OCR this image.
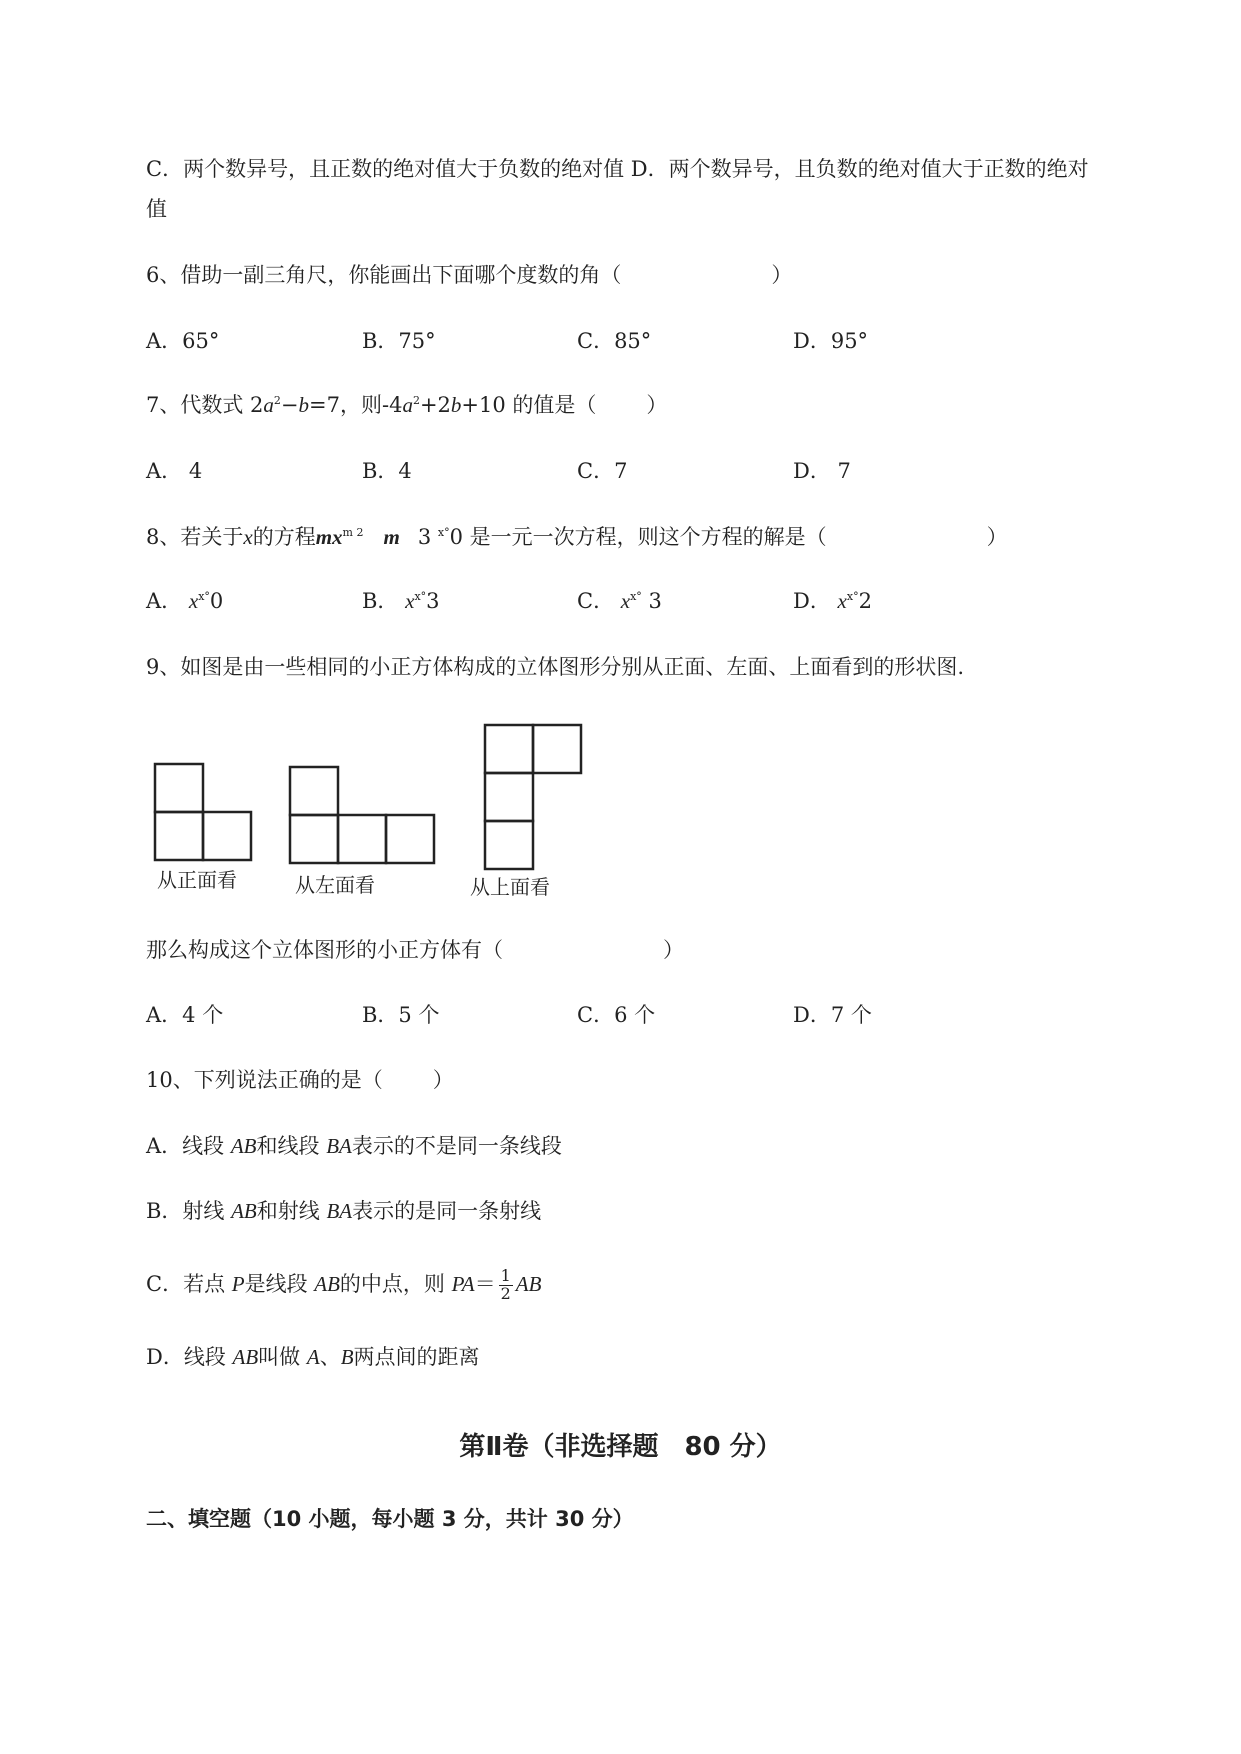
C．两个数异号，且正数的绝对值大于负数的绝对值 D．两个数异号，且负数的绝对值大于正数的绝对
值
6、借助一副三角尺，你能画出下面哪个度数的角（	）
A．65°	B．75°	C．85°	D．95°
7、代数式 $2a^2-b=7$，则$-4a^2+2b+10$ 的值是（ ）
A． 4	B．4	C．7	D． 7
8、若关于x的方程$mx^{m 2}$ m 3 $^{x^\circ}$0 是一元一次方程，则这个方程的解是（	）
A． $x^{x^\circ}0$	B． $x^{x^\circ}3$	C． $x^{x^\circ}$ 3	D． $x^{x^\circ}2$
9、如图是由一些相同的小正方体构成的立体图形分别从正面、左面、上面看到的形状图.
从正面看	从左面看	从上面看
那么构成这个立体图形的小正方体有（	）
A．4 个	B．5 个	C．6 个	D．7 个
10、下列说法正确的是（ ）
A．线段 AB和线段 BA表示的不是同一条线段
B．射线 AB和射线 BA表示的是同一条射线
C．若点 P是线段 AB的中点，则 $PA= \frac{1}{2}$ AB
D．线段 AB叫做 A、B两点间的距离
第Ⅱ卷（非选择题　80 分）
二、填空题（10 小题，每小题 3 分，共计 30 分）
